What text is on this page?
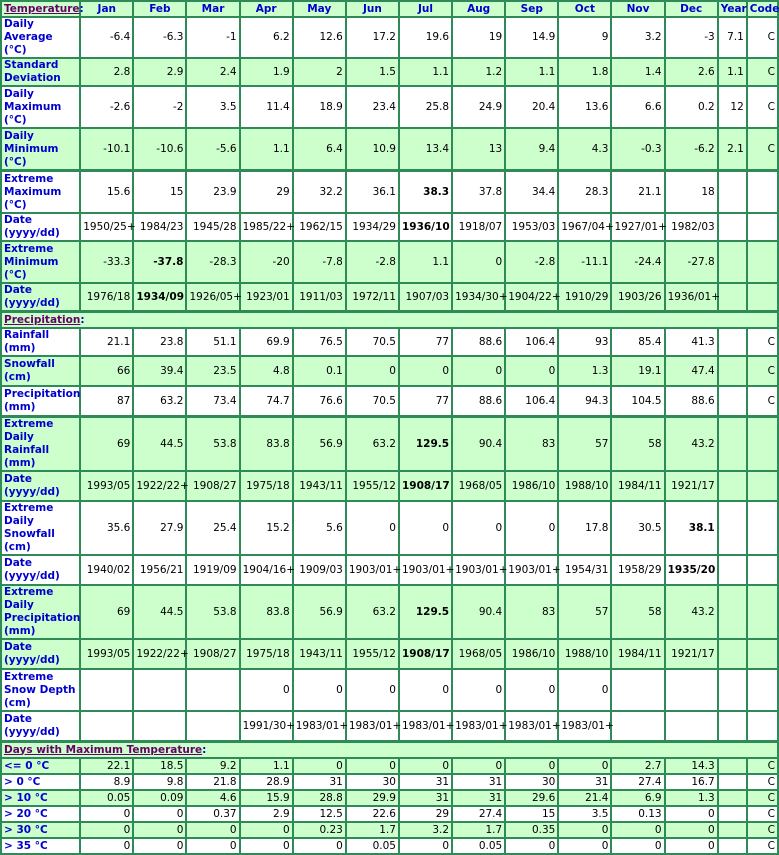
Temperature:	Jan	Feb	Mar	Apr	May	Jun	Jul	Aug	Sep	Oct	Nov	Dec	Year	Code
Daily Average (°C)	-6.4	-6.3	-1	6.2	12.6	17.2	19.6	19	14.9	9	3.2	-3	7.1	C
Standard Deviation	2.8	2.9	2.4	1.9	2	1.5	1.1	1.2	1.1	1.8	1.4	2.6	1.1	C
Daily Maximum (°C)	-2.6	-2	3.5	11.4	18.9	23.4	25.8	24.9	20.4	13.6	6.6	0.2	12	C
Daily Minimum (°C)	-10.1	-10.6	-5.6	1.1	6.4	10.9	13.4	13	9.4	4.3	-0.3	-6.2	2.1	C
Extreme Maximum (°C)	15.6	15	23.9	29	32.2	36.1	38.3	37.8	34.4	28.3	21.1	18		
Date (yyyy/dd)	1950/25+	1984/23	1945/28	1985/22+	1962/15	1934/29	1936/10	1918/07	1953/03	1967/04+	1927/01+	1982/03		
Extreme Minimum (°C)	-33.3	-37.8	-28.3	-20	-7.8	-2.8	1.1	0	-2.8	-11.1	-24.4	-27.8		
Date (yyyy/dd)	1976/18	1934/09	1926/05+	1923/01	1911/03	1972/11	1907/03	1934/30+	1904/22+	1910/29	1903/26	1936/01+		
Precipitation:														
Rainfall (mm)	21.1	23.8	51.1	69.9	76.5	70.5	77	88.6	106.4	93	85.4	41.3		C
Snowfall (cm)	66	39.4	23.5	4.8	0.1	0	0	0	0	1.3	19.1	47.4		C
Precipitation (mm)	87	63.2	73.4	74.7	76.6	70.5	77	88.6	106.4	94.3	104.5	88.6		C
Extreme Daily Rainfall (mm)	69	44.5	53.8	83.8	56.9	63.2	129.5	90.4	83	57	58	43.2		
Date (yyyy/dd)	1993/05	1922/22+	1908/27	1975/18	1943/11	1955/12	1908/17	1968/05	1986/10	1988/10	1984/11	1921/17		
Extreme Daily Snowfall (cm)	35.6	27.9	25.4	15.2	5.6	0	0	0	0	17.8	30.5	38.1		
Date (yyyy/dd)	1940/02	1956/21	1919/09	1904/16+	1909/03	1903/01+	1903/01+	1903/01+	1903/01+	1954/31	1958/29	1935/20		
Extreme Daily Precipitation (mm)	69	44.5	53.8	83.8	56.9	63.2	129.5	90.4	83	57	58	43.2		
Date (yyyy/dd)	1993/05	1922/22+	1908/27	1975/18	1943/11	1955/12	1908/17	1968/05	1986/10	1988/10	1984/11	1921/17		
Extreme Snow Depth (cm)				0	0	0	0	0	0	0				
Date (yyyy/dd)				1991/30+	1983/01+	1983/01+	1983/01+	1983/01+	1983/01+	1983/01+				
Days with Maximum Temperature:														
<= 0 °C	22.1	18.5	9.2	1.1	0	0	0	0	0	0	2.7	14.3		C
> 0 °C	8.9	9.8	21.8	28.9	31	30	31	31	30	31	27.4	16.7		C
> 10 °C	0.05	0.09	4.6	15.9	28.8	29.9	31	31	29.6	21.4	6.9	1.3		C
> 20 °C	0	0	0.37	2.9	12.5	22.6	29	27.4	15	3.5	0.13	0		C
> 30 °C	0	0	0	0	0.23	1.7	3.2	1.7	0.35	0	0	0		C
> 35 °C	0	0	0	0	0	0.05	0	0.05	0	0	0	0		C
